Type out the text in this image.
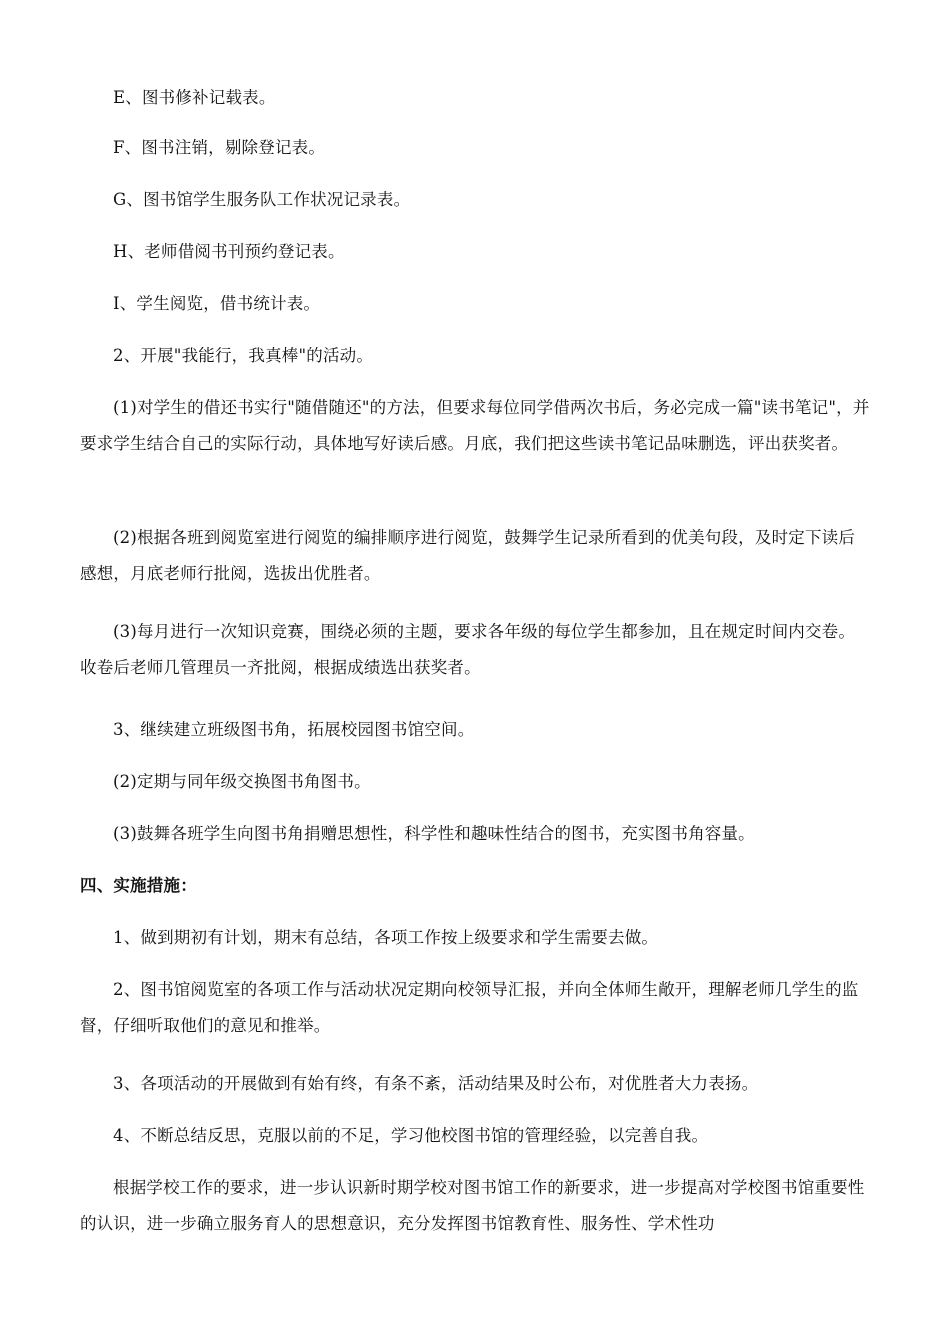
E、图书修补记载表。

F、图书注销，剔除登记表。

G、图书馆学生服务队工作状况记录表。

H、老师借阅书刊预约登记表。

I、学生阅览，借书统计表。

2、开展"我能行，我真棒"的活动。

(1)对学生的借还书实行"随借随还"的方法，但要求每位同学借两次书后，务必完成一篇"读书笔记"，并要求学生结合自己的实际行动，具体地写好读后感。月底，我们把这些读书笔记品味删选，评出获奖者。

(2)根据各班到阅览室进行阅览的编排顺序进行阅览，鼓舞学生记录所看到的优美句段，及时定下读后感想，月底老师行批阅，选拔出优胜者。

(3)每月进行一次知识竞赛，围绕必须的主题，要求各年级的每位学生都参加，且在规定时间内交卷。收卷后老师几管理员一齐批阅，根据成绩选出获奖者。

3、继续建立班级图书角，拓展校园图书馆空间。

(2)定期与同年级交换图书角图书。

(3)鼓舞各班学生向图书角捐赠思想性，科学性和趣味性结合的图书，充实图书角容量。

四、实施措施：

1、做到期初有计划，期末有总结，各项工作按上级要求和学生需要去做。

2、图书馆阅览室的各项工作与活动状况定期向校领导汇报，并向全体师生敞开，理解老师几学生的监督，仔细听取他们的意见和推举。

3、各项活动的开展做到有始有终，有条不紊，活动结果及时公布，对优胜者大力表扬。

4、不断总结反思，克服以前的不足，学习他校图书馆的管理经验，以完善自我。

根据学校工作的要求，进一步认识新时期学校对图书馆工作的新要求，进一步提高对学校图书馆重要性的认识，进一步确立服务育人的思想意识，充分发挥图书馆教育性、服务性、学术性功
